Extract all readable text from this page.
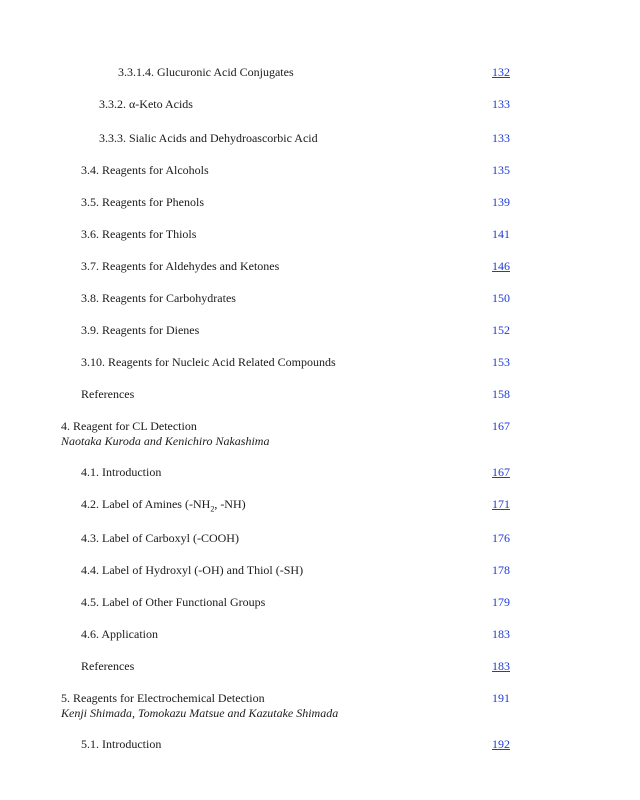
3.3.1.4. Glucuronic Acid Conjugates	132
3.3.2. α-Keto Acids	133
3.3.3. Sialic Acids and Dehydroascorbic Acid	133
3.4. Reagents for Alcohols	135
3.5. Reagents for Phenols	139
3.6. Reagents for Thiols	141
3.7. Reagents for Aldehydes and Ketones	146
3.8. Reagents for Carbohydrates	150
3.9. Reagents for Dienes	152
3.10. Reagents for Nucleic Acid Related Compounds	153
References	158
4. Reagent for CL Detection	167
Naotaka Kuroda and Kenichiro Nakashima
4.1. Introduction	167
4.2. Label of Amines ($-NH_2$, -NH)	171
4.3. Label of Carboxyl (-COOH)	176
4.4. Label of Hydroxyl (-OH) and Thiol (-SH)	178
4.5. Label of Other Functional Groups	179
4.6. Application	183
References	183
5. Reagents for Electrochemical Detection	191
Kenji Shimada, Tomokazu Matsue and Kazutake Shimada
5.1. Introduction	192
